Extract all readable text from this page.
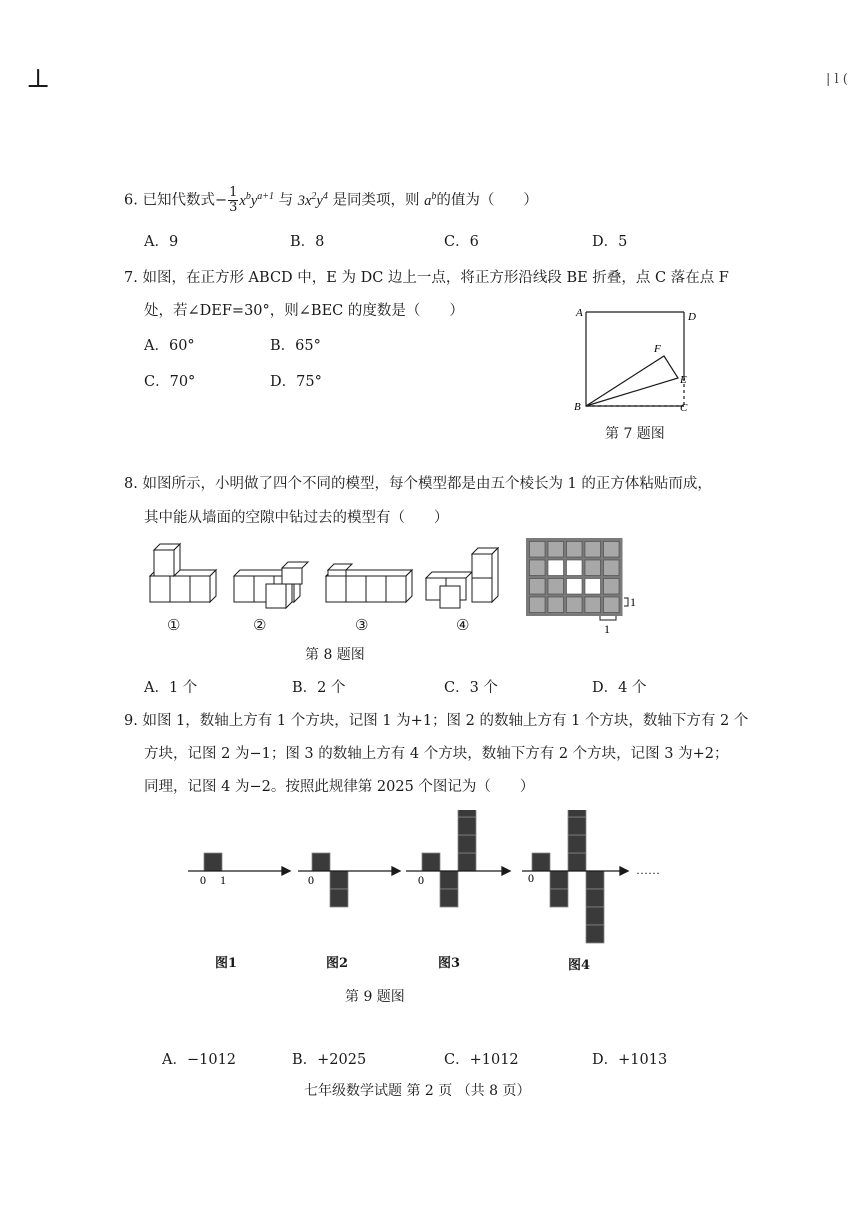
⊥	| l (
6. 已知代数式− $\frac{1}{3} x^by^{a+1}$ 与 $3x^2y^4$ 是同类项，则 $a^b$的值为（　　）
A．9	B．8	C．6	D．5
7. 如图，在正方形 ABCD 中，E 为 DC 边上一点，将正方形沿线段 BE 折叠，点 C 落在点 F
处，若∠DEF=30°，则∠BEC 的度数是（　　）
A．60°	B．65°
C．70°	D．75°
A	D
F
E
B	C
第 7 题图
8. 如图所示，小明做了四个不同的模型，每个模型都是由五个棱长为 1 的正方体粘贴而成，
其中能从墙面的空隙中钻过去的模型有（　　）
①	②	③	④
1
1
第 8 题图
A．1 个	B．2 个	C．3 个	D．4 个
9. 如图 1，数轴上方有 1 个方块，记图 1 为+1；图 2 的数轴上方有 1 个方块，数轴下方有 2 个
方块，记图 2 为−1；图 3 的数轴上方有 4 个方块，数轴下方有 2 个方块，记图 3 为+2；
同理，记图 4 为−2。按照此规律第 2025 个图记为（　　）
0 1	0	0	0
……
图1	图2	图3	图4
第 9 题图
A．−1012	B．+2025	C．+1012	D．+1013
七年级数学试题 第 2 页 （共 8 页）
